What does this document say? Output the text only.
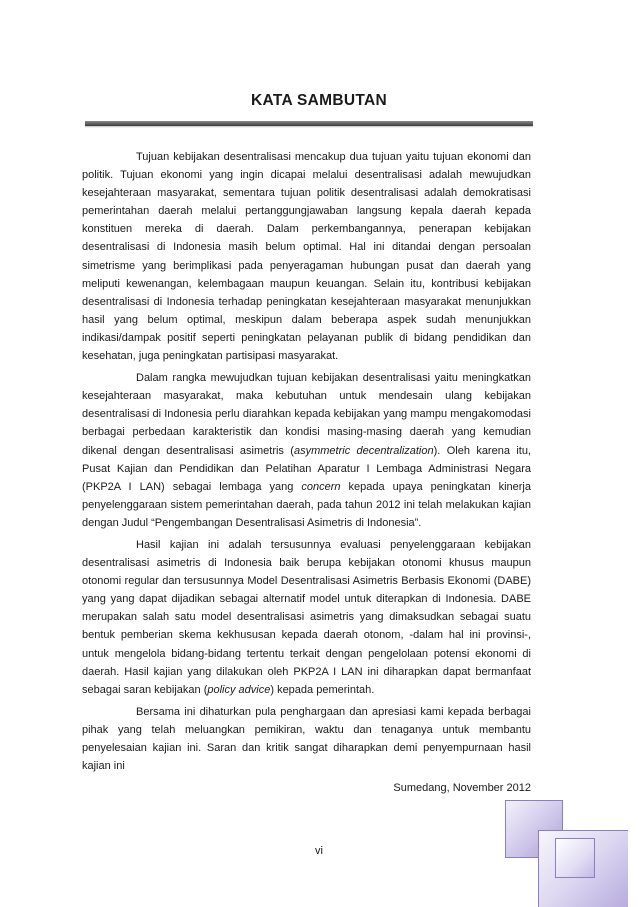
KATA SAMBUTAN

Tujuan kebijakan desentralisasi mencakup dua tujuan yaitu tujuan ekonomi dan politik. Tujuan ekonomi yang ingin dicapai melalui desentralisasi adalah mewujudkan kesejahteraan masyarakat, sementara tujuan politik desentralisasi adalah demokratisasi pemerintahan daerah melalui pertanggungjawaban langsung kepala daerah kepada konstituen mereka di daerah. Dalam perkembangannya, penerapan kebijakan desentralisasi di Indonesia masih belum optimal. Hal ini ditandai dengan persoalan simetrisme yang berimplikasi pada penyeragaman hubungan pusat dan daerah yang meliputi kewenangan, kelembagaan maupun keuangan. Selain itu, kontribusi kebijakan desentralisasi di Indonesia terhadap peningkatan kesejahteraan masyarakat menunjukkan hasil yang belum optimal, meskipun dalam beberapa aspek sudah menunjukkan indikasi/dampak positif seperti peningkatan pelayanan publik di bidang pendidikan dan kesehatan, juga peningkatan partisipasi masyarakat.

Dalam rangka mewujudkan tujuan kebijakan desentralisasi yaitu meningkatkan kesejahteraan masyarakat, maka kebutuhan untuk mendesain ulang kebijakan desentralisasi di Indonesia perlu diarahkan kepada kebijakan yang mampu mengakomodasi berbagai perbedaan karakteristik dan kondisi masing-masing daerah yang kemudian dikenal dengan desentralisasi asimetris (asymmetric decentralization). Oleh karena itu, Pusat Kajian dan Pendidikan dan Pelatihan Aparatur I Lembaga Administrasi Negara (PKP2A I LAN) sebagai lembaga yang concern kepada upaya peningkatan kinerja penyelenggaraan sistem pemerintahan daerah, pada tahun 2012 ini telah melakukan kajian dengan Judul “Pengembangan Desentralisasi Asimetris di Indonesia”.

Hasil kajian ini adalah tersusunnya evaluasi penyelenggaraan kebijakan desentralisasi asimetris di Indonesia baik berupa kebijakan otonomi khusus maupun otonomi regular dan tersusunnya Model Desentralisasi Asimetris Berbasis Ekonomi (DABE) yang yang dapat dijadikan sebagai alternatif model untuk diterapkan di Indonesia. DABE merupakan salah satu model desentralisasi asimetris yang dimaksudkan sebagai suatu bentuk pemberian skema kekhususan kepada daerah otonom, -dalam hal ini provinsi-, untuk mengelola bidang-bidang tertentu terkait dengan pengelolaan potensi ekonomi di daerah. Hasil kajian yang dilakukan oleh PKP2A I LAN ini diharapkan dapat bermanfaat sebagai saran kebijakan (policy advice) kepada pemerintah.

Bersama ini dihaturkan pula penghargaan dan apresiasi kami kepada berbagai pihak yang telah meluangkan pemikiran, waktu dan tenaganya untuk membantu penyelesaian kajian ini. Saran dan kritik sangat diharapkan demi penyempurnaan hasil kajian ini

Sumedang, November 2012
vi
